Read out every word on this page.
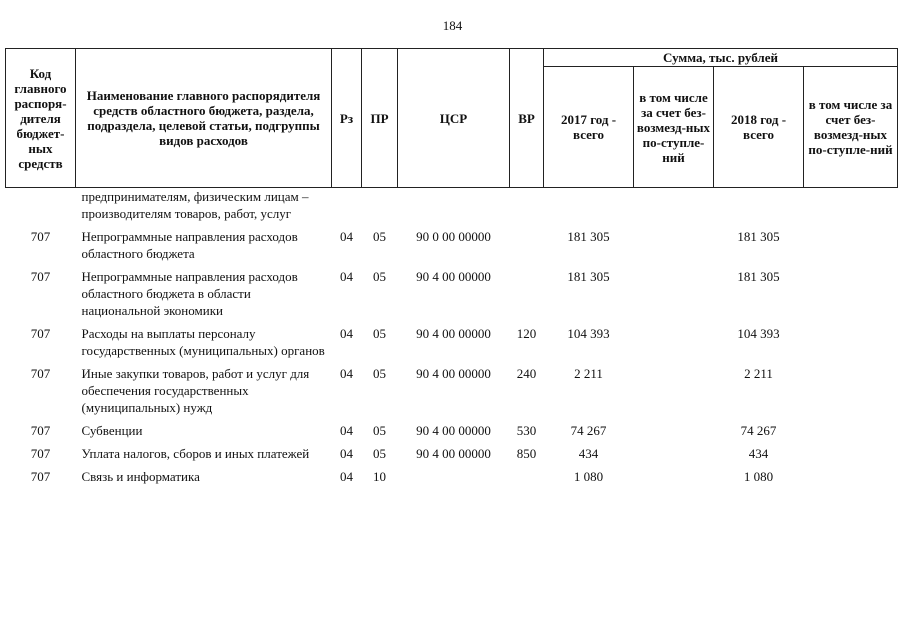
184
Код главного распоря-дителя бюджет-ных средств	Наименование главного распорядителя средств областного бюджета, раздела, подраздела, целевой статьи, подгруппы видов расходов	Рз	ПР	ЦСР	ВР	Сумма, тыс. рублей			
						2017 год - всего	в том числе за счет без-возмезд-ных по-ступле-ний	2018 год - всего	в том числе за счет без-возмезд-ных по-ступле-ний
	предпринимателям, физическим лицам – производителям товаров, работ, услуг								

707	Непрограммные направления расходов областного бюджета	04	05	90 0 00 00000		181 305		181 305	

707	Непрограммные направления расходов областного бюджета в области национальной экономики	04	05	90 4 00 00000		181 305		181 305	

707	Расходы на выплаты персоналу государственных (муниципальных) органов	04	05	90 4 00 00000	120	104 393		104 393	

707	Иные закупки товаров, работ и услуг для обеспечения государственных (муниципальных) нужд	04	05	90 4 00 00000	240	2 211		2 211	

707	Субвенции	04	05	90 4 00 00000	530	74 267		74 267	

707	Уплата налогов, сборов и иных платежей	04	05	90 4 00 00000	850	434		434	

707	Связь и информатика	04	10			1 080		1 080	
